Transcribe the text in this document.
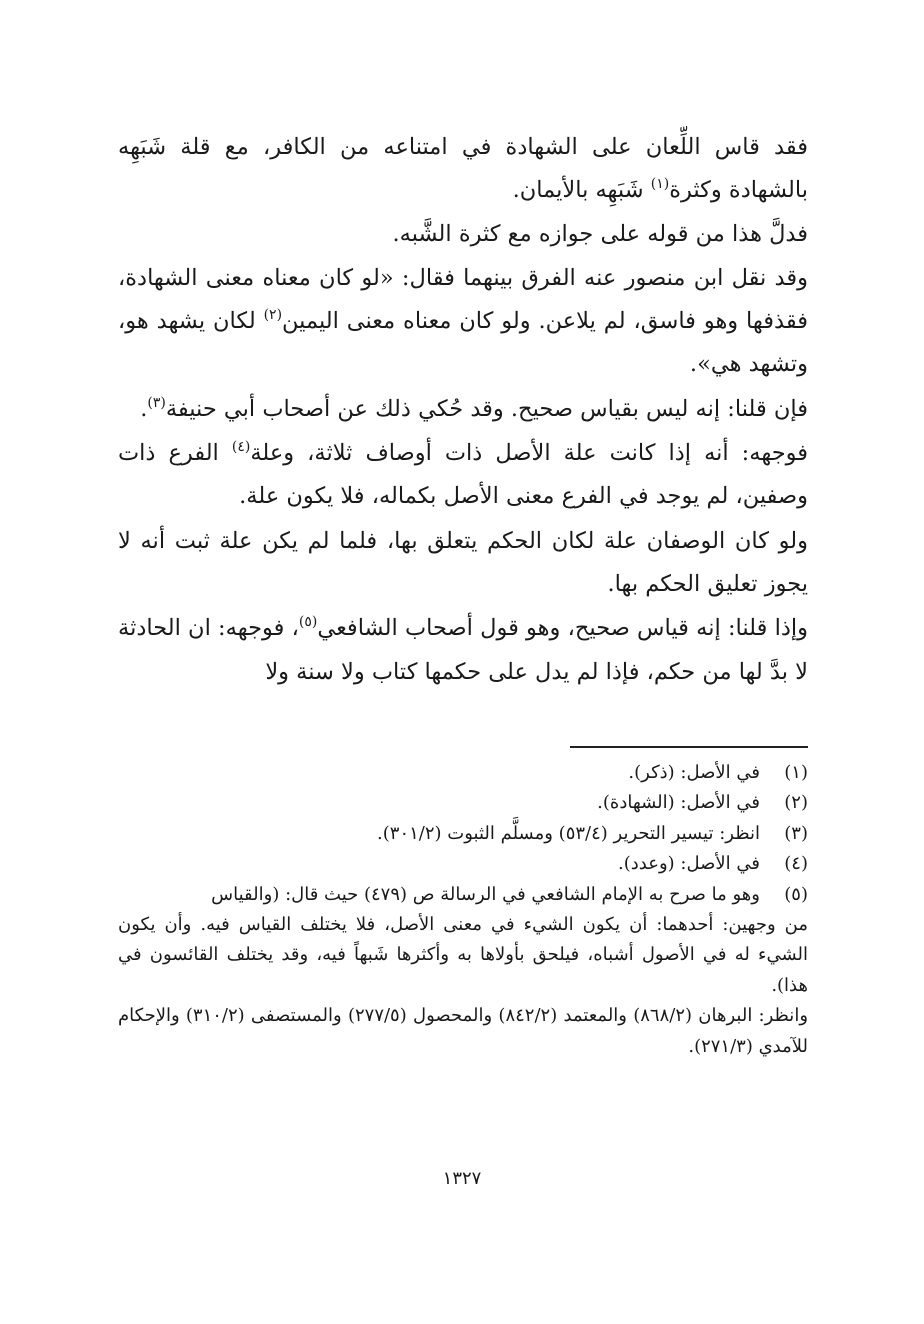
فقد قاس اللِّعان على الشهادة في امتناعه من الكافر، مع قلة شَبَهِه بالشهادة وكثرة$^{(١)}$ شَبَهِه بالأيمان.

فدلَّ هذا من قوله على جوازه مع كثرة الشَّبه.

وقد نقل ابن منصور عنه الفرق بينهما فقال: «لو كان معناه معنى الشهادة، فقذفها وهو فاسق، لم يلاعن. ولو كان معناه معنى اليمين$^{(٢)}$ لكان يشهد هو، وتشهد هي».

فإن قلنا: إنه ليس بقياس صحيح. وقد حُكي ذلك عن أصحاب أبي حنيفة$^{(٣)}$.

فوجهه: أنه إذا كانت علة الأصل ذات أوصاف ثلاثة، وعلة$^{(٤)}$ الفرع ذات وصفين، لم يوجد في الفرع معنى الأصل بكماله، فلا يكون علة.

ولو كان الوصفان علة لكان الحكم يتعلق بها، فلما لم يكن علة ثبت أنه لا يجوز تعليق الحكم بها.

وإذا قلنا: إنه قياس صحيح، وهو قول أصحاب الشافعي$^{(٥)}$، فوجهه: ان الحادثة لا بدَّ لها من حكم، فإذا لم يدل على حكمها كتاب ولا سنة ولا

(١)
في الأصل: (ذكر).
(٢)
في الأصل: (الشهادة).
(٣)
انظر: تيسير التحرير (٥٣/٤) ومسلَّم الثبوت (٣٠١/٢).
(٤)
في الأصل: (وعدد).
(٥)
وهو ما صرح به الإمام الشافعي في الرسالة ص (٤٧٩) حيث قال: (والقياس
من وجهين: أحدهما: أن يكون الشيء في معنى الأصل، فلا يختلف القياس فيه. وأن يكون الشيء له في الأصول أشباه، فيلحق بأولاها به وأكثرها شَبهاً فيه، وقد يختلف القائسون في هذا).
وانظر: البرهان (٨٦٨/٢) والمعتمد (٨٤٢/٢) والمحصول (٢٧٧/٥) والمستصفى (٣١٠/٢) والإحكام للآمدي (٢٧١/٣).
١٣٢٧
